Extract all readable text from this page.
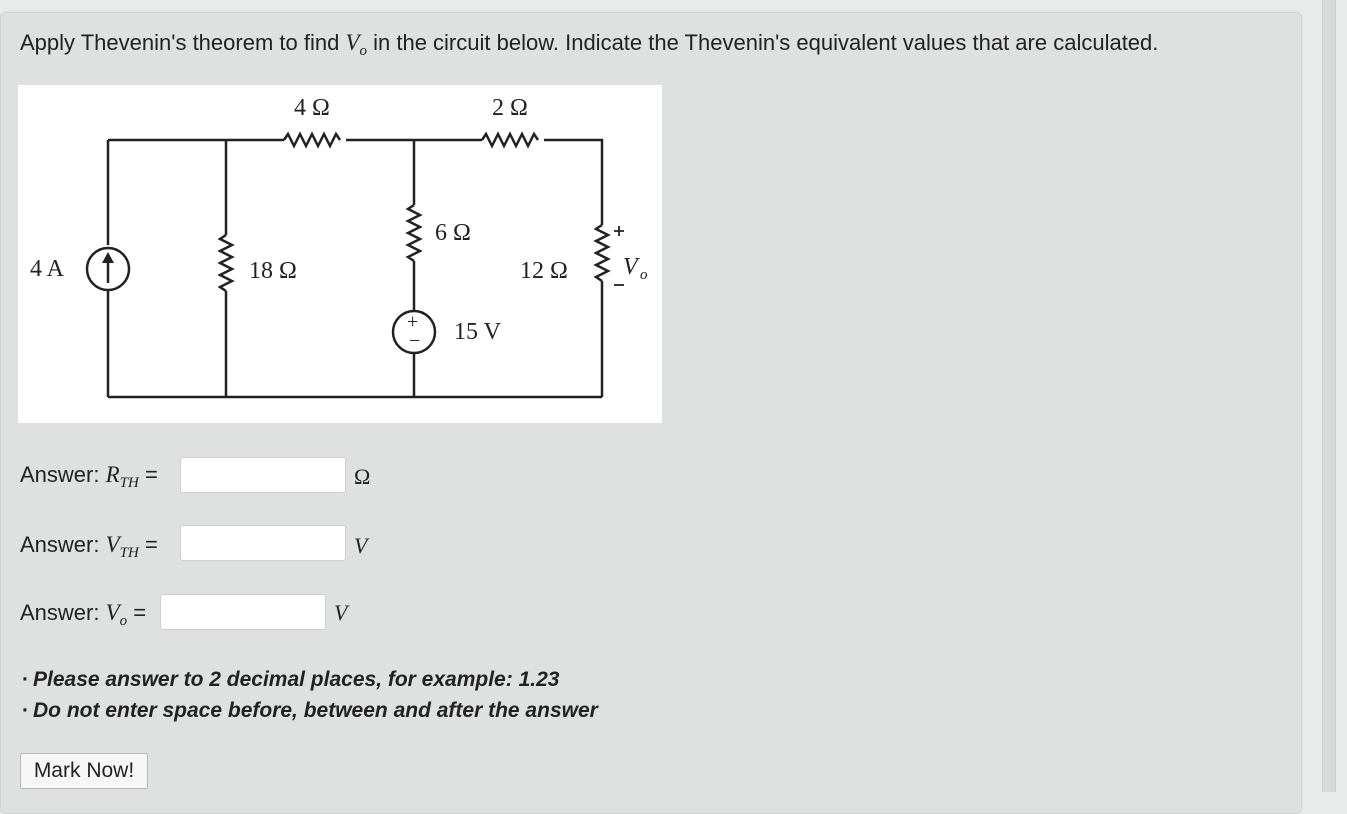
Apply Thevenin's theorem to find $V_o$ in the circuit below. Indicate the Thevenin's equivalent values that are calculated.
4 Ω	2 Ω
6 Ω
18 Ω	12 Ω
4 A
15 V
+
−
V o
Answer: $R_{TH}$ =	Ω
Answer: $V_{TH}$ =	V
Answer: $V_o$ =	V
· Please answer to 2 decimal places, for example: 1.23
· Do not enter space before, between and after the answer
Mark Now!
